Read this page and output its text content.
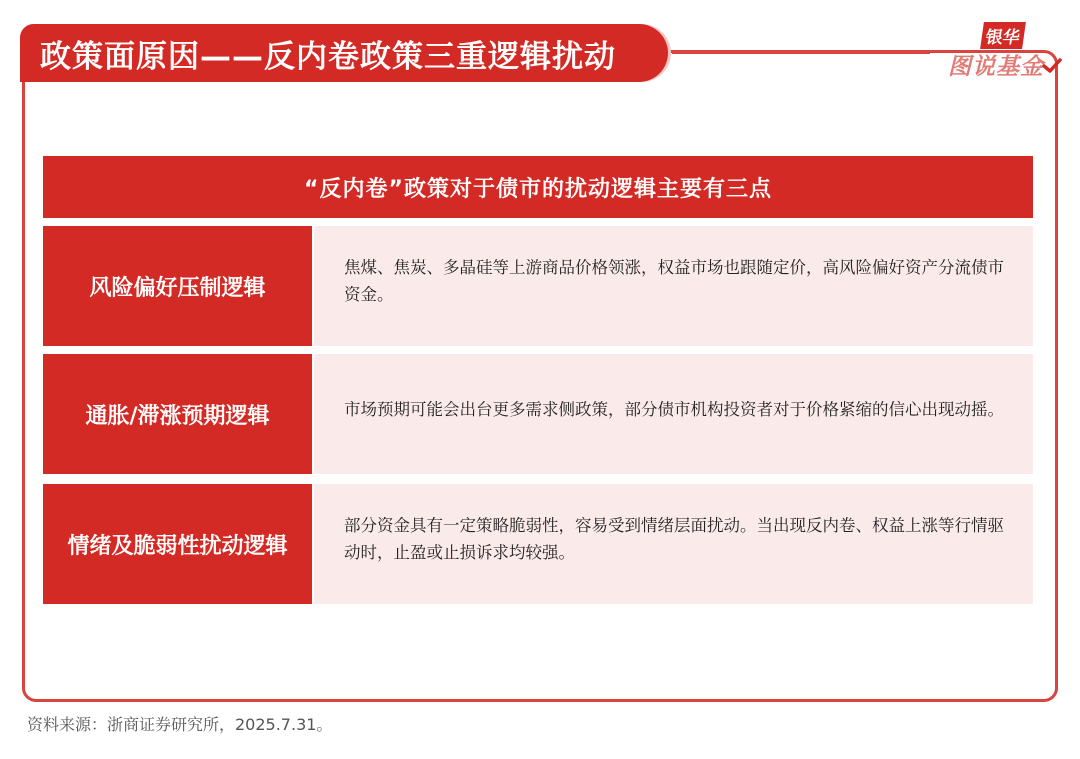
政策面原因——反内卷政策三重逻辑扰动
银华
图说基金
“反内卷”政策对于债市的扰动逻辑主要有三点
风险偏好压制逻辑
焦煤、焦炭、多晶硅等上游商品价格领涨，权益市场也跟随定价，高风险偏好资产分流债市资金。
通胀/滞涨预期逻辑	市场预期可能会出台更多需求侧政策，部分债市机构投资者对于价格紧缩的信心出现动摇。
情绪及脆弱性扰动逻辑
部分资金具有一定策略脆弱性，容易受到情绪层面扰动。当出现反内卷、权益上涨等行情驱动时，止盈或止损诉求均较强。
资料来源：浙商证券研究所，2025.7.31。
